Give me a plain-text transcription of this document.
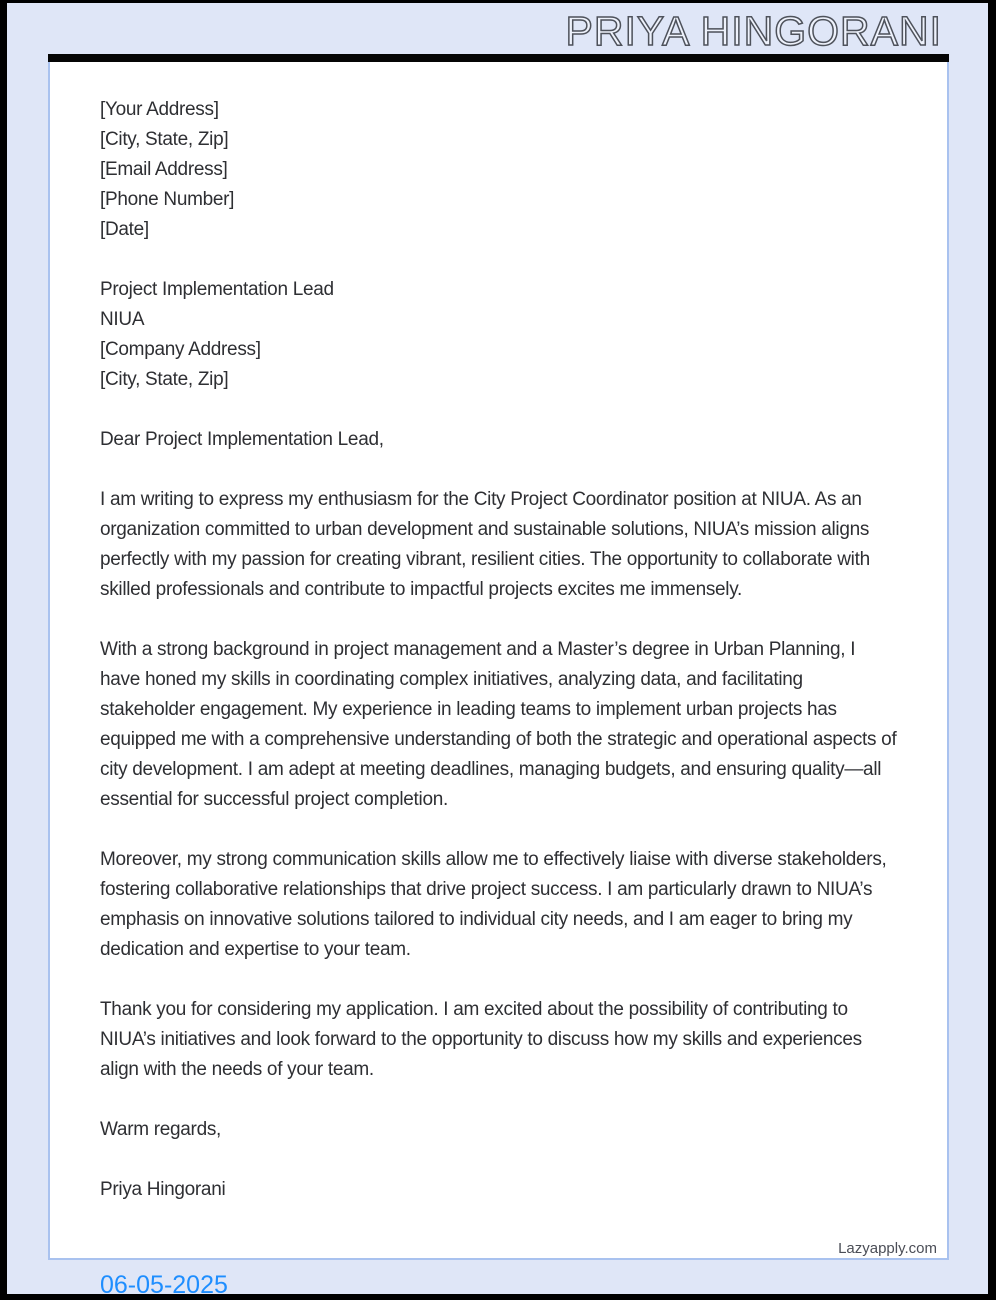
PRIYA HINGORANI
[Your Address]
[City, State, Zip]
[Email Address]
[Phone Number]
[Date]
Project Implementation Lead
NIUA
[Company Address]
[City, State, Zip]
Dear Project Implementation Lead,
I am writing to express my enthusiasm for the City Project Coordinator position at NIUA. As an organization committed to urban development and sustainable solutions, NIUA’s mission aligns perfectly with my passion for creating vibrant, resilient cities. The opportunity to collaborate with skilled professionals and contribute to impactful projects excites me immensely.
With a strong background in project management and a Master’s degree in Urban Planning, I have honed my skills in coordinating complex initiatives, analyzing data, and facilitating stakeholder engagement. My experience in leading teams to implement urban projects has equipped me with a comprehensive understanding of both the strategic and operational aspects of city development. I am adept at meeting deadlines, managing budgets, and ensuring quality—all essential for successful project completion.
Moreover, my strong communication skills allow me to effectively liaise with diverse stakeholders, fostering collaborative relationships that drive project success. I am particularly drawn to NIUA’s emphasis on innovative solutions tailored to individual city needs, and I am eager to bring my dedication and expertise to your team.
Thank you for considering my application. I am excited about the possibility of contributing to NIUA’s initiatives and look forward to the opportunity to discuss how my skills and experiences align with the needs of your team.
Warm regards,
Priya Hingorani
Lazyapply.com
06-05-2025
